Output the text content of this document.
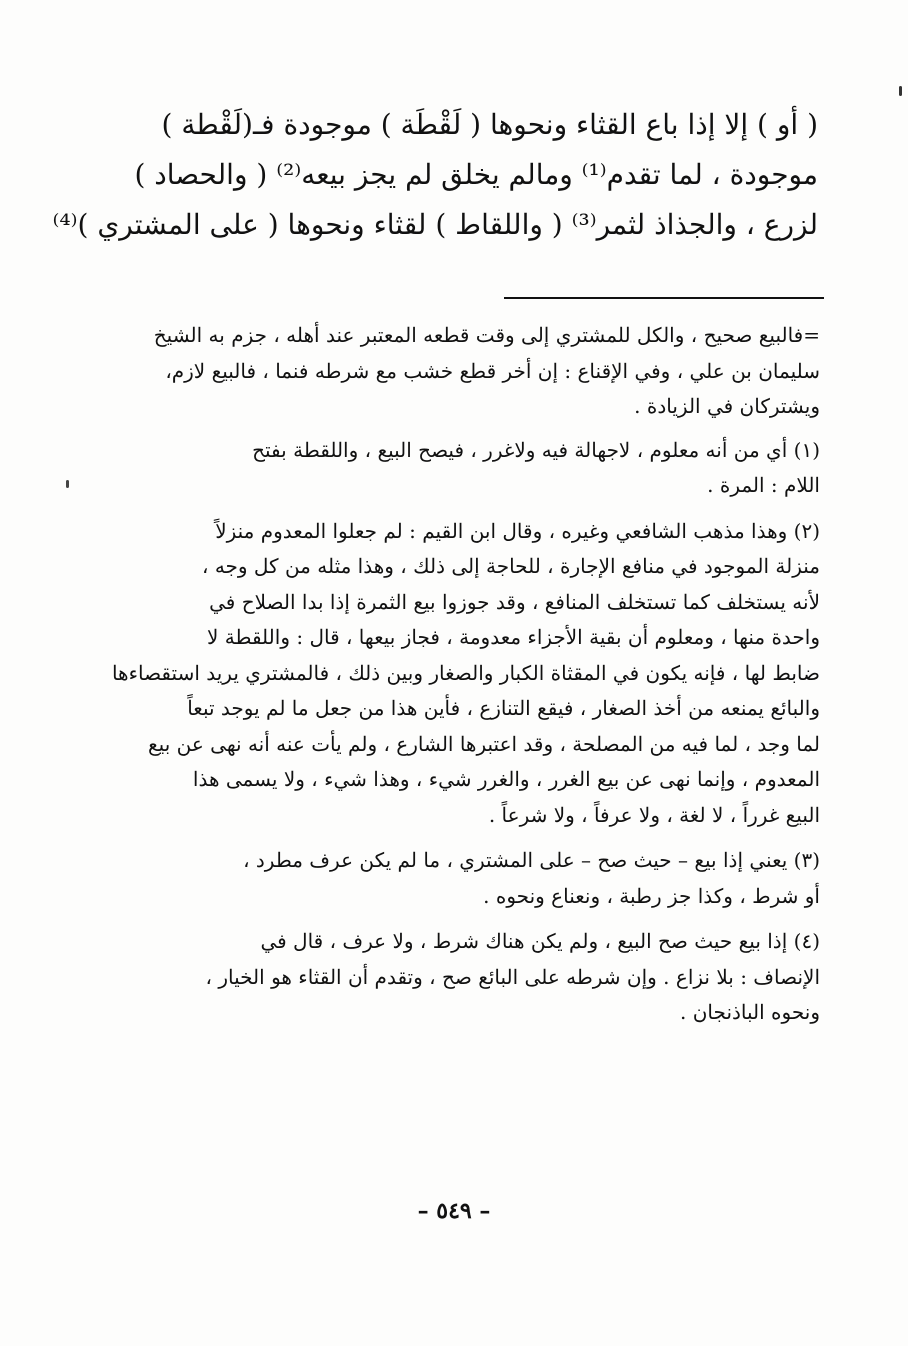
( أو ) إلا إذا باع القثاء ونحوها ( لَقْطَة ) موجودة فـ(لَقْطة )
موجودة ، لما تقدم⁽¹⁾ ومالم يخلق لم يجز بيعه⁽²⁾ ( والحصاد )
لزرع ، والجذاذ لثمر⁽³⁾ ( واللقاط ) لقثاء ونحوها ( على المشتري )⁽⁴⁾
=فالبيع صحيح ، والكل للمشتري إلى وقت قطعه المعتبر عند أهله ، جزم به الشيخ
سليمان بن علي ، وفي الإقناع : إن أخر قطع خشب مع شرطه فنما ، فالبيع لازم،
ويشتركان في الزيادة .
(١) أي من أنه معلوم ، لاجهالة فيه ولاغرر ، فيصح البيع ، واللقطة بفتح
اللام : المرة .
(٢) وهذا مذهب الشافعي وغيره ، وقال ابن القيم : لم جعلوا المعدوم منزلاً
منزلة الموجود في منافع الإجارة ، للحاجة إلى ذلك ، وهذا مثله من كل وجه ،
لأنه يستخلف كما تستخلف المنافع ، وقد جوزوا بيع الثمرة إذا بدا الصلاح في
واحدة منها ، ومعلوم أن بقية الأجزاء معدومة ، فجاز بيعها ، قال : واللقطة لا
ضابط لها ، فإنه يكون في المقثاة الكبار والصغار وبين ذلك ، فالمشتري يريد استقصاءها
والبائع يمنعه من أخذ الصغار ، فيقع التنازع ، فأين هذا من جعل ما لم يوجد تبعاً
لما وجد ، لما فيه من المصلحة ، وقد اعتبرها الشارع ، ولم يأت عنه أنه نهى عن بيع
المعدوم ، وإنما نهى عن بيع الغرر ، والغرر شيء ، وهذا شيء ، ولا يسمى هذا
البيع غرراً ، لا لغة ، ولا عرفاً ، ولا شرعاً .
(٣) يعني إذا بيع – حيث صح – على المشتري ، ما لم يكن عرف مطرد ،
أو شرط ، وكذا جز رطبة ، ونعناع ونحوه .
(٤) إذا بيع حيث صح البيع ، ولم يكن هناك شرط ، ولا عرف ، قال في
الإنصاف : بلا نزاع . وإن شرطه على البائع صح ، وتقدم أن القثاء هو الخيار ،
ونحوه الباذنجان .
– ٥٤٩ –
